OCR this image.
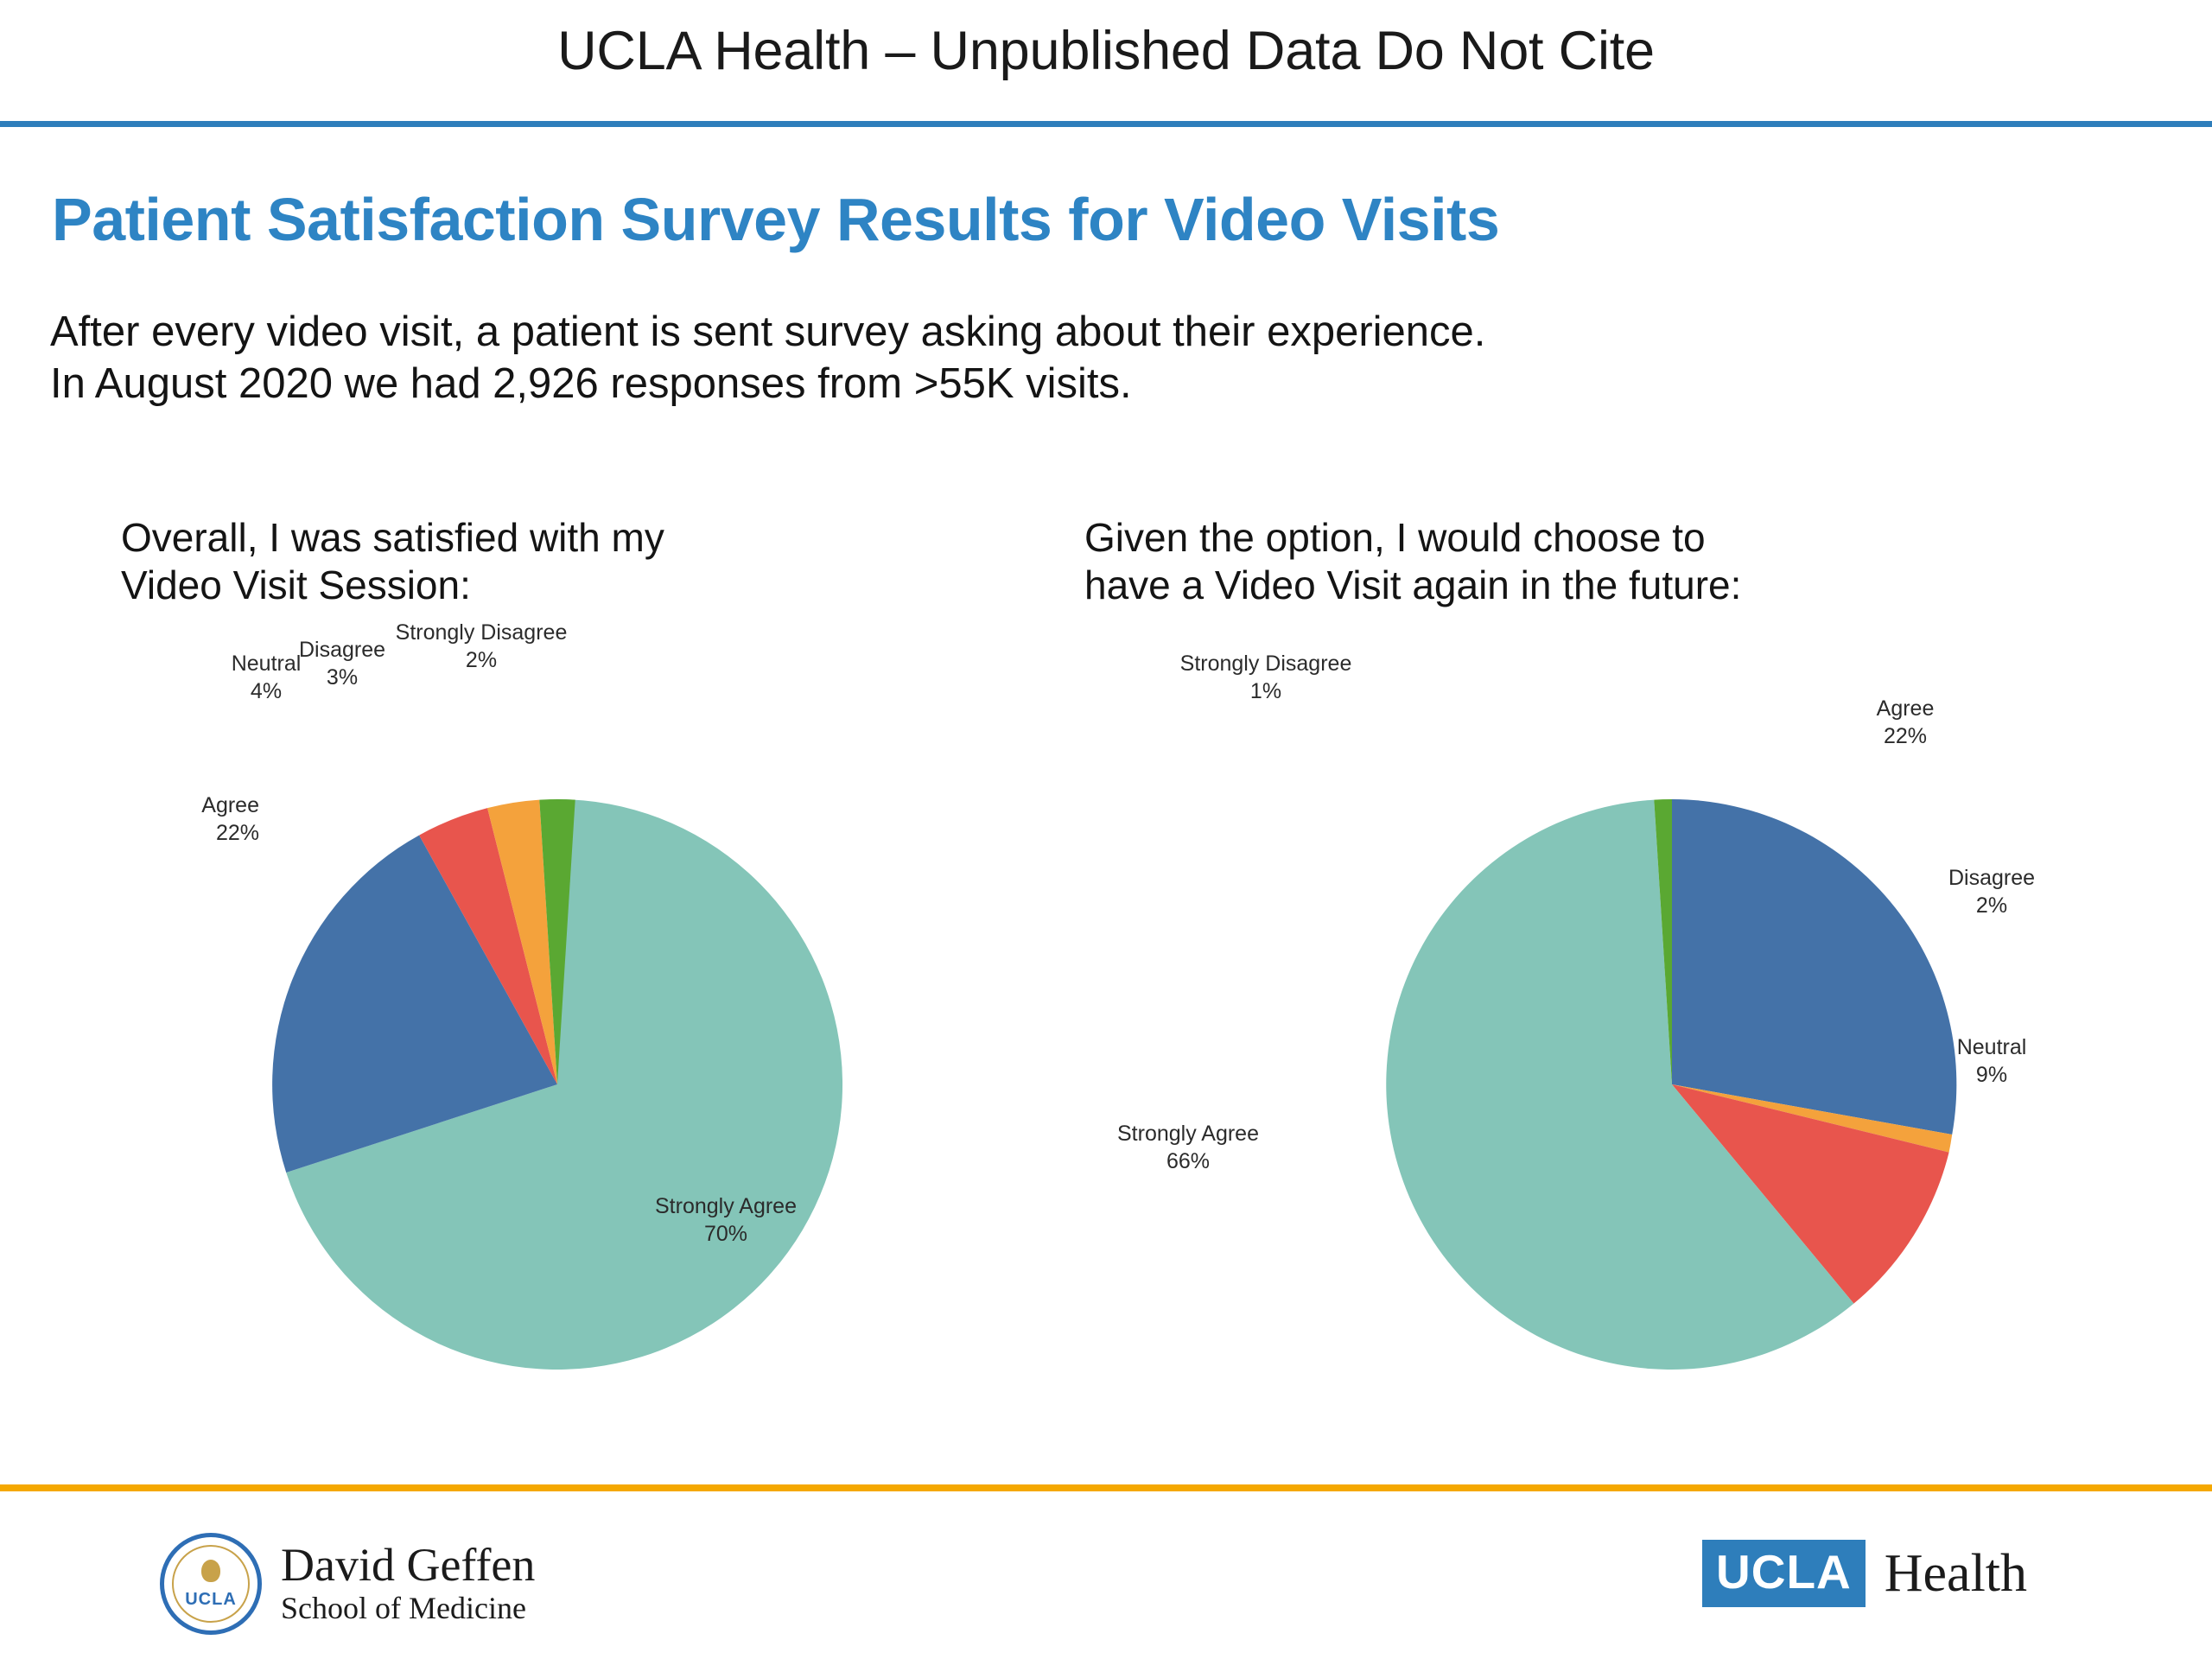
UCLA Health – Unpublished Data Do Not Cite
Patient Satisfaction Survey Results for Video Visits
After every video visit, a patient is sent survey asking about their experience.
In August 2020 we had 2,926 responses from >55K visits.
Overall, I was satisfied with my
Video Visit Session:
Agree
22%
Neutral
4%
Disagree
3%
Strongly Disagree
2%
Strongly Agree
70%
Given the option, I would choose to
have a Video Visit again in the future:
Strongly Disagree
1%
Agree
22%
Disagree
2%
Neutral
9%
Strongly Agree
66%
UCLA
David Geffen
School of Medicine
UCLA Health
